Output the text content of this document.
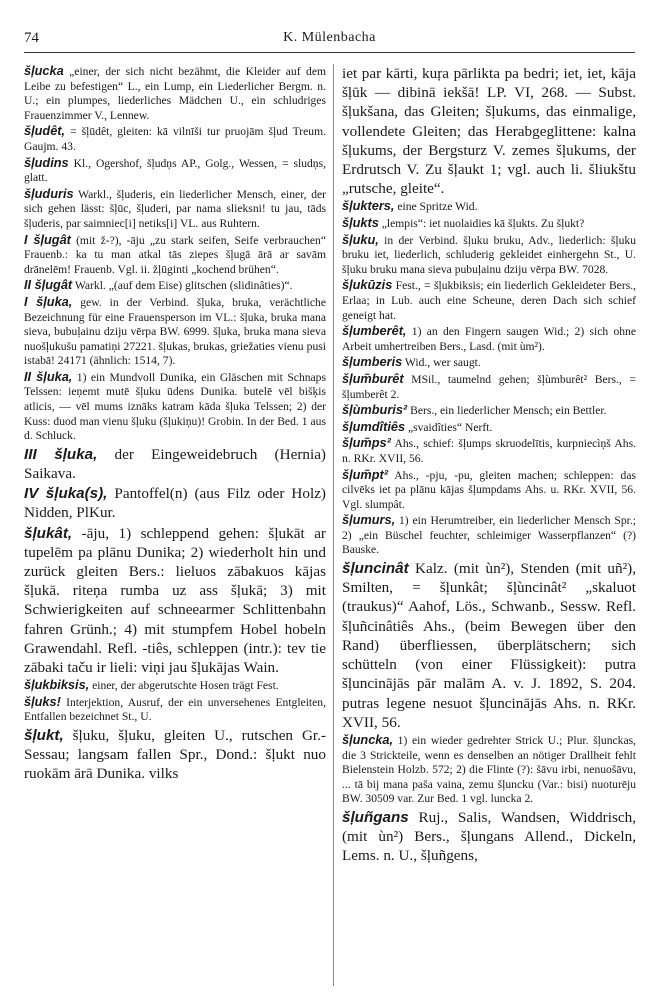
74	K. Mülenbacha
šļucka „einer, der sich nicht bezähmt, die Kleider auf dem Leibe zu befestigen“ L., ein Lump, ein Liederlicher Bergm. n. U.; ein plumpes, liederliches Mädchen U., ein schludriges Frauenzimmer V., Lennew.
šļudêt, = šļūdêt, gleiten: kā vilnīši tur pruojām šļud Treum. Gaujm. 43.
šļudins Kl., Ogershof, šļudņs AP., Golg., Wessen, = sludņs, glatt.
šļuduris Warkl., šļuderis, ein liederlicher Mensch, einer, der sich gehen lässt: šļūc, šļuderi, par nama slieksni! tu jau, tāds šļuderis, par saimniec[i] netiks[i] VL. aus Ruhtern.
I šļugât (mit ž-?), -āju „zu stark seifen, Seife verbrauchen“ Frauenb.: ka tu man atkal tās ziepes šļugā ārā ar savām drānelēm! Frauenb. Vgl. ii. žļūginti „kochend brühen“.
II šļugât Warkl. „(auf dem Eise) glitschen (slidinâties)“.
I šļuka, gew. in der Verbind. šļuka, bruka, verächtliche Bezeichnung für eine Frauensperson im VL.: šļuka, bruka mana sieva, bubuļainu dziju vērpa BW. 6999. šļuka, bruka mana sieva nuošļukušu pamatiņi 27221. šļukas, brukas, griežaties vienu pusi istabā! 24171 (ähnlich: 1514, 7).
II šļuka, 1) ein Mundvoll Dunika, ein Gläschen mit Schnaps Telssen: ieņemt mutē šļuku ūdens Dunika. butelē vēl bišķis atlicis, — vēl mums iznāks katram kāda šļuka Telssen; 2) der Kuss: duod man vienu šļuku (šļukiņu)! Grobin. In der Bed. 1 aus d. Schluck.
III šļuka, der Eingeweidebruch (Hernia) Saikava.
IV šļuka(s), Pantoffel(n) (aus Filz oder Holz) Nidden, PlKur.
šļukât, -āju, 1) schleppend gehen: šļukāt ar tupelēm pa plānu Dunika; 2) wiederholt hin und zurück gleiten Bers.: lieluos zābakuos kājas šļukā. riteņa rumba uz ass šļukā; 3) mit Schwierigkeiten auf schneearmer Schlittenbahn fahren Grünh.; 4) mit stumpfem Hobel hobeln Grawendahl. Refl. -tiês, schleppen (intr.): tev tie zābaki taču ir lieli: viņi jau šļukājas Wain.
šļukbiksis, einer, der abgerutschte Hosen trägt Fest.
šļuks! Interjektion, Ausruf, der ein unversehenes Entgleiten, Entfallen bezeichnet St., U.
šļukt, šļuku, šļuku, gleiten U., rutschen Gr.-Sessau; langsam fallen Spr., Dond.: šļukt nuo ruokām ārā Dunika. vilks
iet par kārti, kuŗa pārlikta pa bedri; iet, iet, kāja šļūk — dibinā iekšā! LP. VI, 268. — Subst. šļukšana, das Gleiten; šļukums, das einmalige, vollendete Gleiten; das Herabgeglittene: kalna šļukums, der Bergsturz V. zemes šļukums, der Erdrutsch V. Zu šļaukt 1; vgl. auch li. šliukštu „rutsche, gleite“.
šļukters, eine Spritze Wid.
šļukts „lempis“: iet nuolaidies kā šļukts. Zu šļukt?
šļuku, in der Verbind. šļuku bruku, Adv., liederlich: šļuku bruku iet, liederlich, schluderig gekleidet einhergehn St., U. šļuku bruku mana sieva pubuļainu dziju vērpa BW. 7028.
šļukūzis Fest., = šļukbiksis; ein liederlich Gekleideter Bers., Erlaa; in Lub. auch eine Scheune, deren Dach sich schief geneigt hat.
šļumberêt, 1) an den Fingern saugen Wid.; 2) sich ohne Arbeit umhertreiben Bers., Lasd. (mit ùm²).
šļumberis Wid., wer saugt.
šļum̃burêt MSil., taumelnd gehen; šļùmburêt² Bers., = šļumberêt 2.
šļùmburis² Bers., ein liederlicher Mensch; ein Bettler.
šļumdîtiês „svaidîties“ Nerft.
šļum̃ps² Ahs., schief: šļumps skruodelītis, kurpniecìņš Ahs. n. RKr. XVII, 56.
šļum̃pt² Ahs., -pju, -pu, gleiten machen; schleppen: das cilvēks iet pa plānu kājas šļumpdams Ahs. u. RKr. XVII, 56. Vgl. slumpât.
šļumurs, 1) ein Herumtreiber, ein liederlicher Mensch Spr.; 2) „ein Büschel feuchter, schleimiger Wasserpflanzen“ (?) Bauske.
šļuncinât Kalz. (mit ùn²), Stenden (mit uñ²), Smilten, = šļunkât; šļùncinât² „skaluot (traukus)“ Aahof, Lös., Schwanb., Sessw. Refl. šļuñcinâtiês Ahs., (beim Bewegen über den Rand) überfliessen, überplätschern; sich schütteln (von einer Flüssigkeit): putra šļuncinājās pār malām A. v. J. 1892, S. 204. putras legene nesuot šļuncinājās Ahs. n. RKr. XVII, 56.
šļuncka, 1) ein wieder gedrehter Strick U.; Plur. šļunckas, die 3 Strickteile, wenn es denselben an nötiger Drallheit fehlt Bielenstein Holzb. 572; 2) die Flinte (?): šāvu irbi, nenuošāvu, ... tā bij mana paša vaina, zemu šļuncku (Var.: bisi) nuoturēju BW. 30509 var. Zur Bed. 1 vgl. luncka 2.
šļuñgans Ruj., Salis, Wandsen, Widdrisch, (mit ùn²) Bers., šļungans Allend., Dickeln, Lems. n. U., šļuñgens,
